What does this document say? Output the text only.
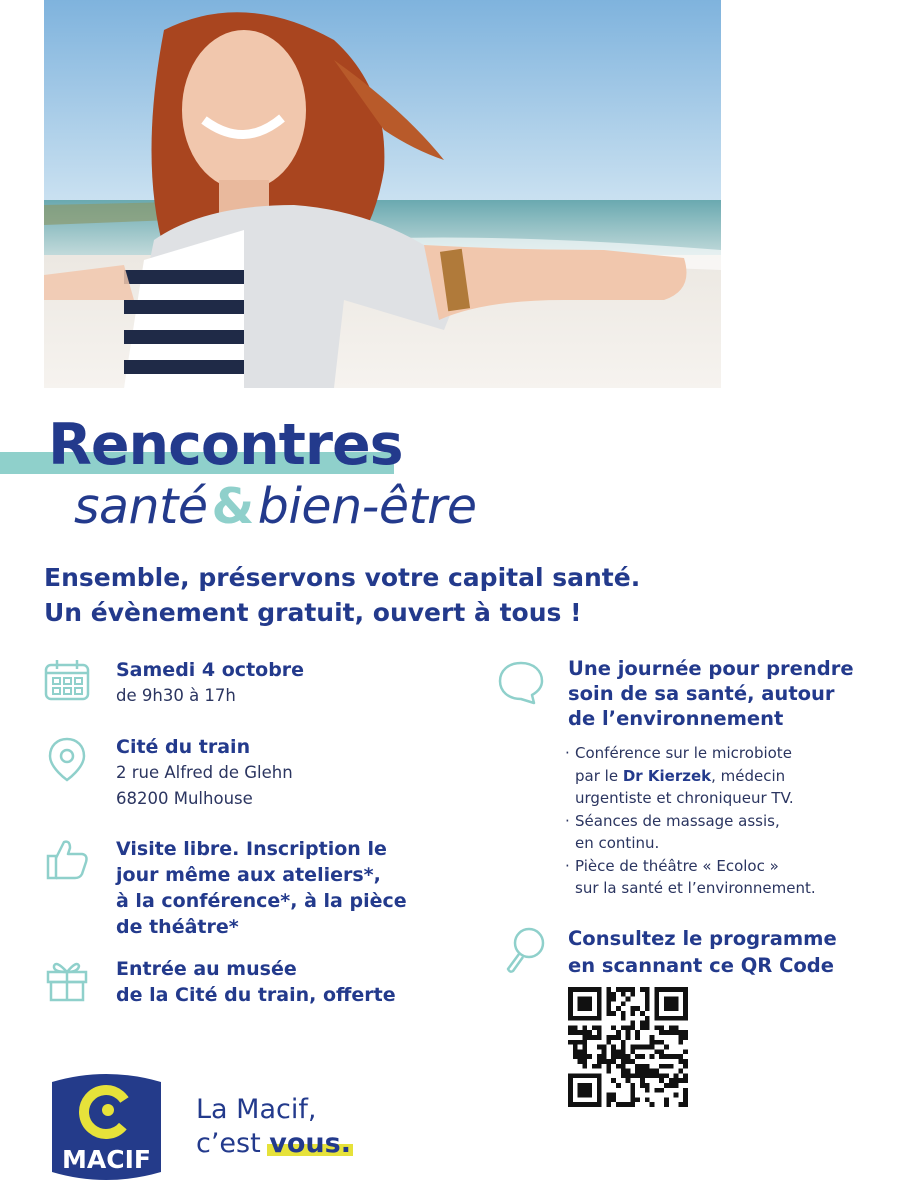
Rencontres

santé&bien-être

Ensemble, préservons votre capital santé.
Un évènement gratuit, ouvert à tous !

Samedi 4 octobre
de 9h30 à 17h
Cité du train
2 rue Alfred de Glehn
68200 Mulhouse
Visite libre. Inscription le
jour même aux ateliers*,
à la conférence*, à la pièce
de théâtre*
Entrée au musée
de la Cité du train, offerte
Une journée pour prendre
soin de sa santé, autour
de l’environnement
· Conférence sur le microbiote
par le Dr Kierzek, médecin
urgentiste et chroniqueur TV.
· Séances de massage assis,
en continu.
· Pièce de théâtre « Ecoloc »
sur la santé et l’environnement.
Consultez le programme
en scannant ce QR Code
MACIF
La Macif,
c’est vous.
